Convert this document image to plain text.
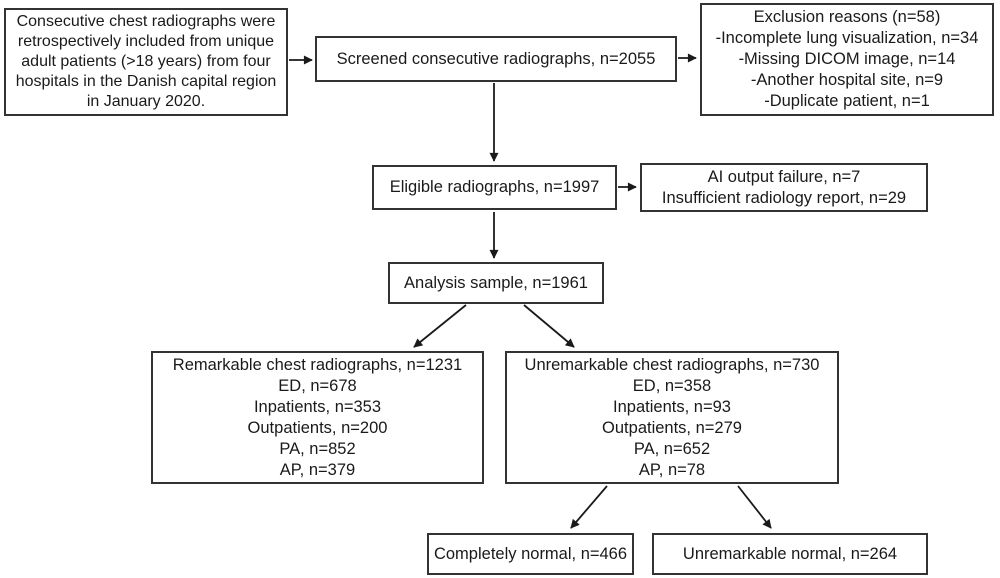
Consecutive chest radiographs were
retrospectively included from unique
adult patients (>18 years) from four
hospitals in the Danish capital region
in January 2020.
Screened consecutive radiographs, n=2055
Exclusion reasons (n=58)
-Incomplete lung visualization, n=34
-Missing DICOM image, n=14
-Another hospital site, n=9
-Duplicate patient, n=1
Eligible radiographs, n=1997
AI output failure, n=7
Insufficient radiology report, n=29
Analysis sample, n=1961
Remarkable chest radiographs, n=1231
ED, n=678
Inpatients, n=353
Outpatients, n=200
PA, n=852
AP, n=379
Unremarkable chest radiographs, n=730
ED, n=358
Inpatients, n=93
Outpatients, n=279
PA, n=652
AP, n=78
Completely normal, n=466	Unremarkable normal, n=264
